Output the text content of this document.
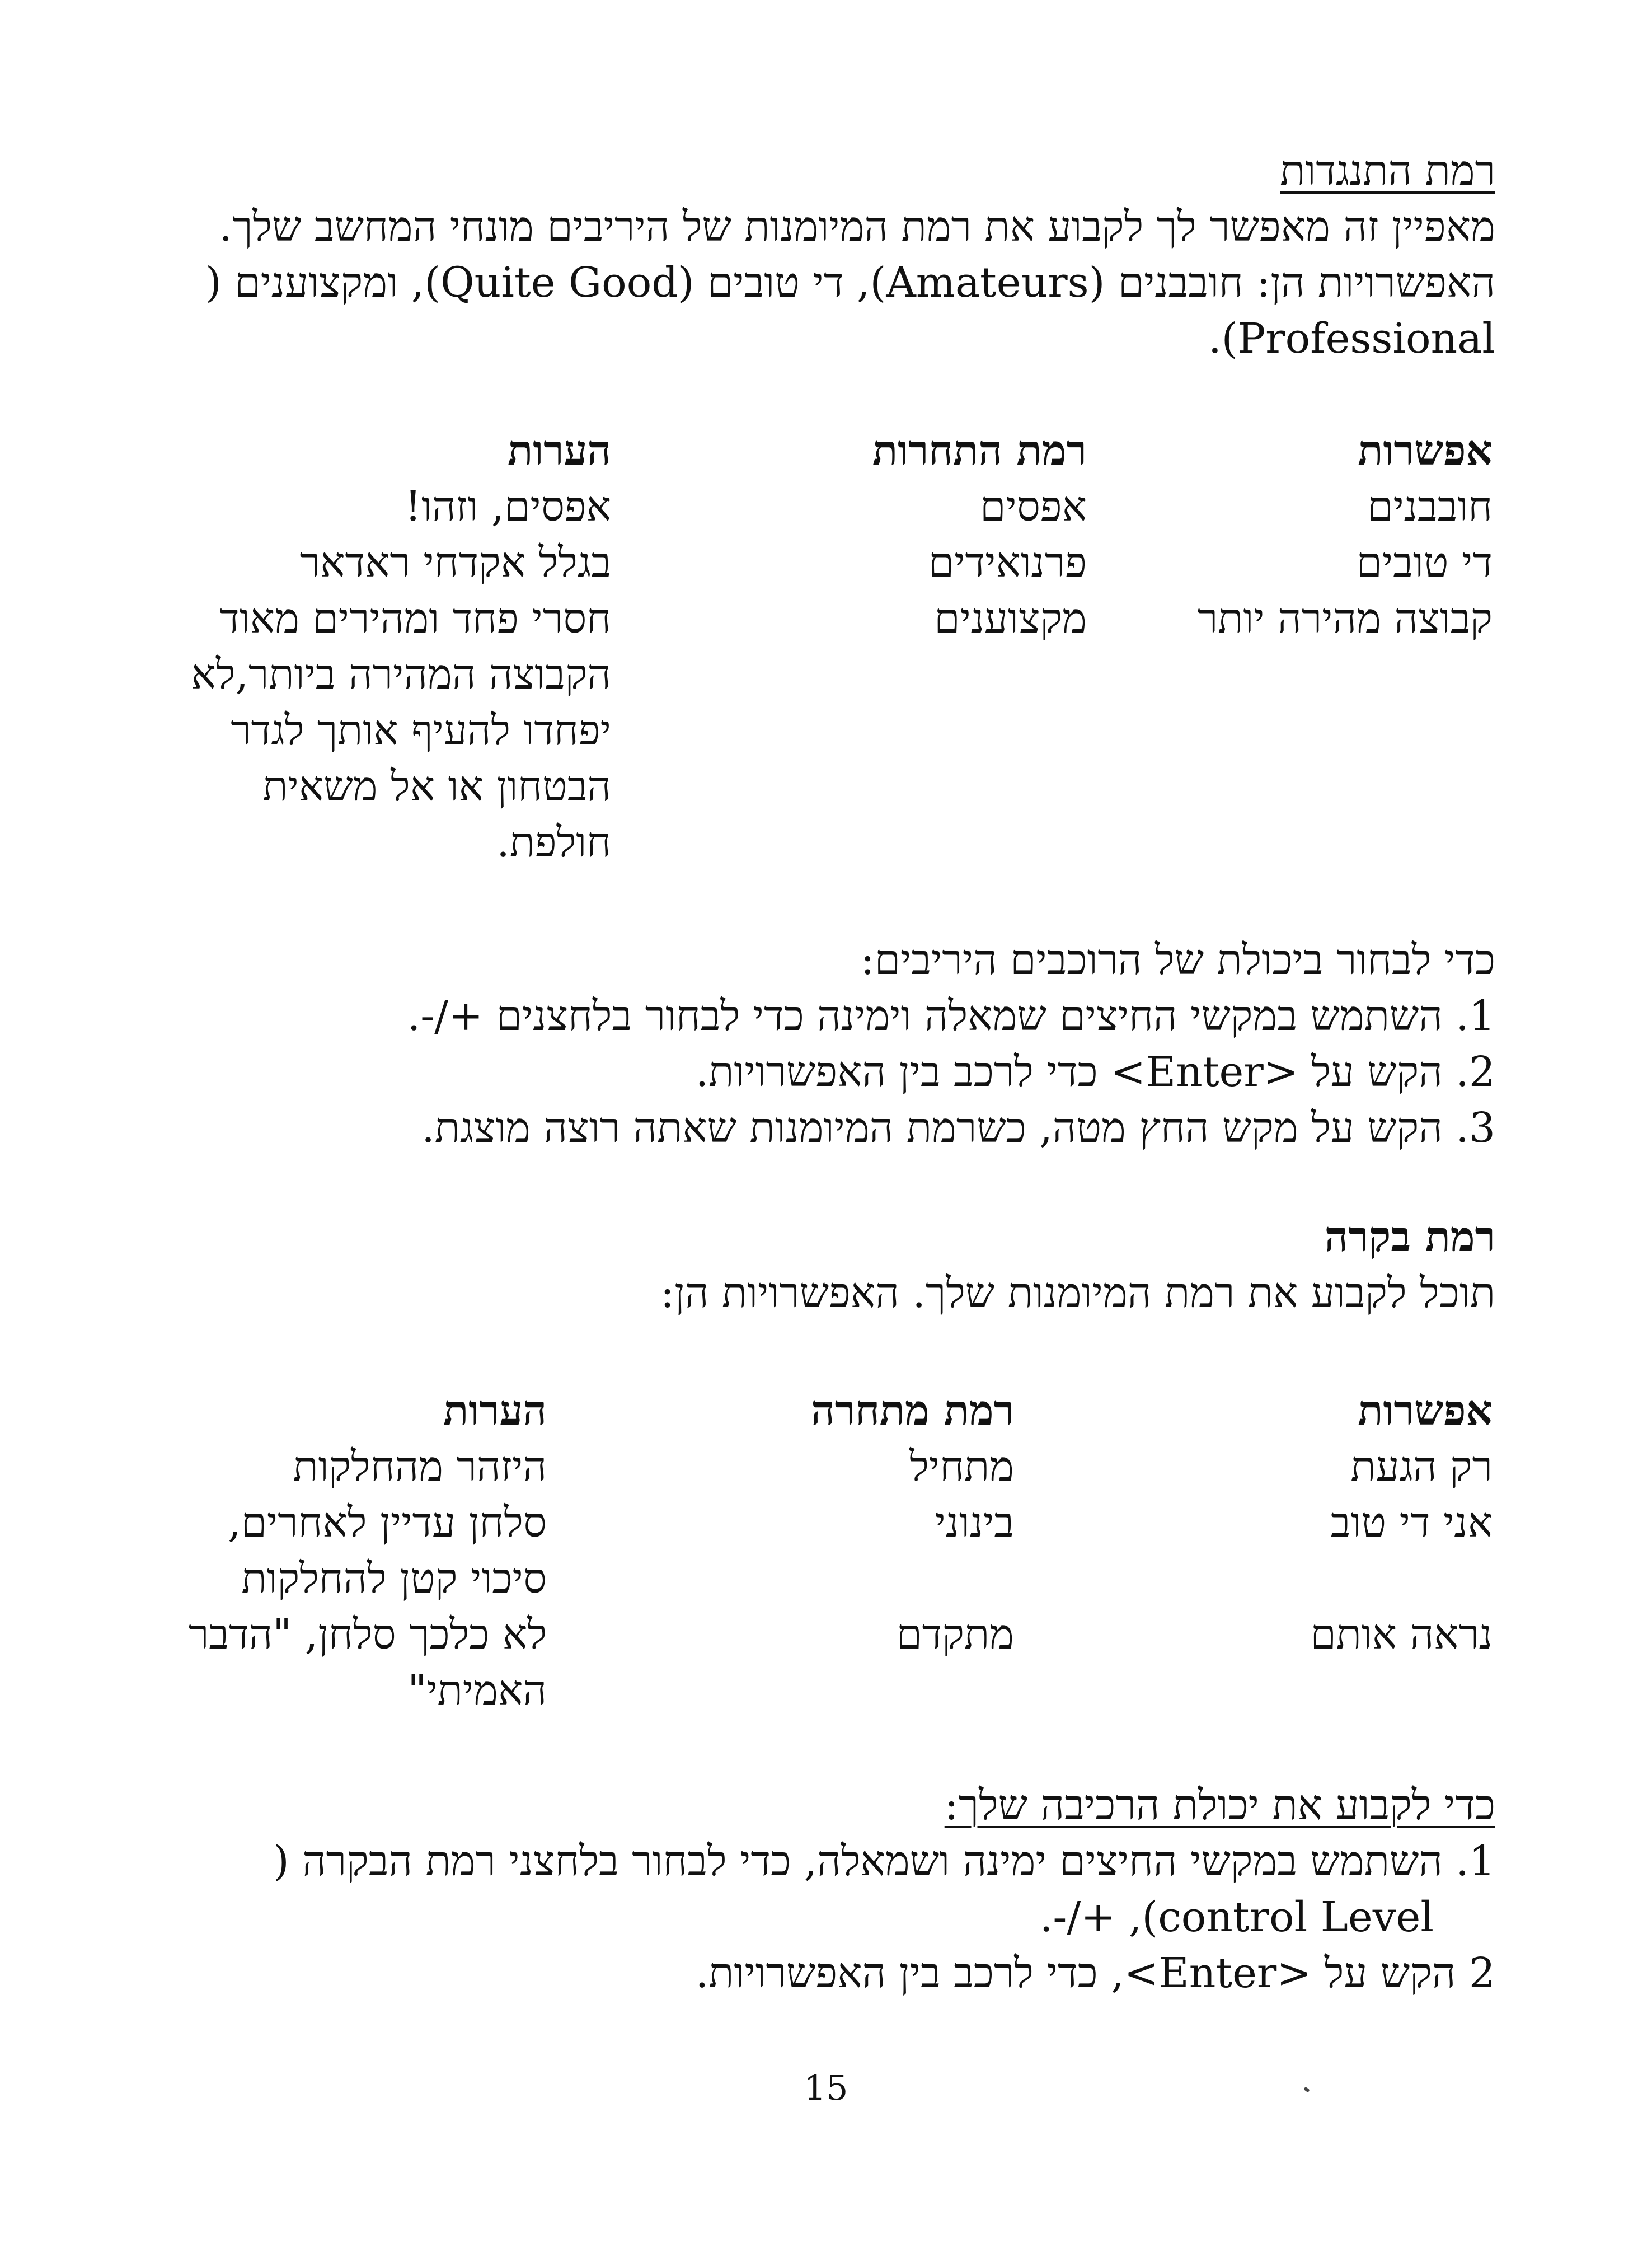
רמת התנגדות
מאפיין זה מאפשר לך לקבוע את רמת המיומנות של היריבים מונחי המחשב שלך.
האפשרויות הן: חובבנים (Amateurs), די טובים (Quite Good), ומקצוענים (
Professional).
אפשרות
חובבנים
די טובים
קבוצה מהירה יותר
רמת התחרות
אפסים
פרנואידים
מקצוענים
הערות
אפסים, וזהו!
בגלל אקדחי ראדאר
חסרי פחד ומהירים מאוד
הקבוצה המהירה ביותר,לא
יפחדו להעיף אותך לגדר
הבטחון או אל משאית
חולפת.
כדי לבחור ביכולת של הרוכבים היריבים:
1. השתמש במקשי החיצים שמאלה וימינה כדי לבחור בלחצנים +/-.
2. הקש על <Enter> כדי לרכב בין האפשרויות.
3. הקש על מקש החץ מטה, כשרמת המיומנות שאתה רוצה מוצגת.
רמת בקרה
תוכל לקבוע את רמת המיומנות שלך. האפשרויות הן:
אפשרות
רק הגעת
אני די טוב
נראה אותם
רמת מתחרה
מתחיל
בינוני
מתקדם
הערות
היזהר מהחלקות
סלחן עדיין לאחרים,
סיכוי קטן להחלקות
לא כלכך סלחן, "הדבר
האמיתי"
כדי לקבוע את יכולת הרכיבה שלך:
1. השתמש במקשי החיצים ימינה ושמאלה, כדי לבחור בלחצני רמת הבקרה (
control Level), +/-.
2 הקש על <Enter>, כדי לרכב בין האפשרויות.
15
